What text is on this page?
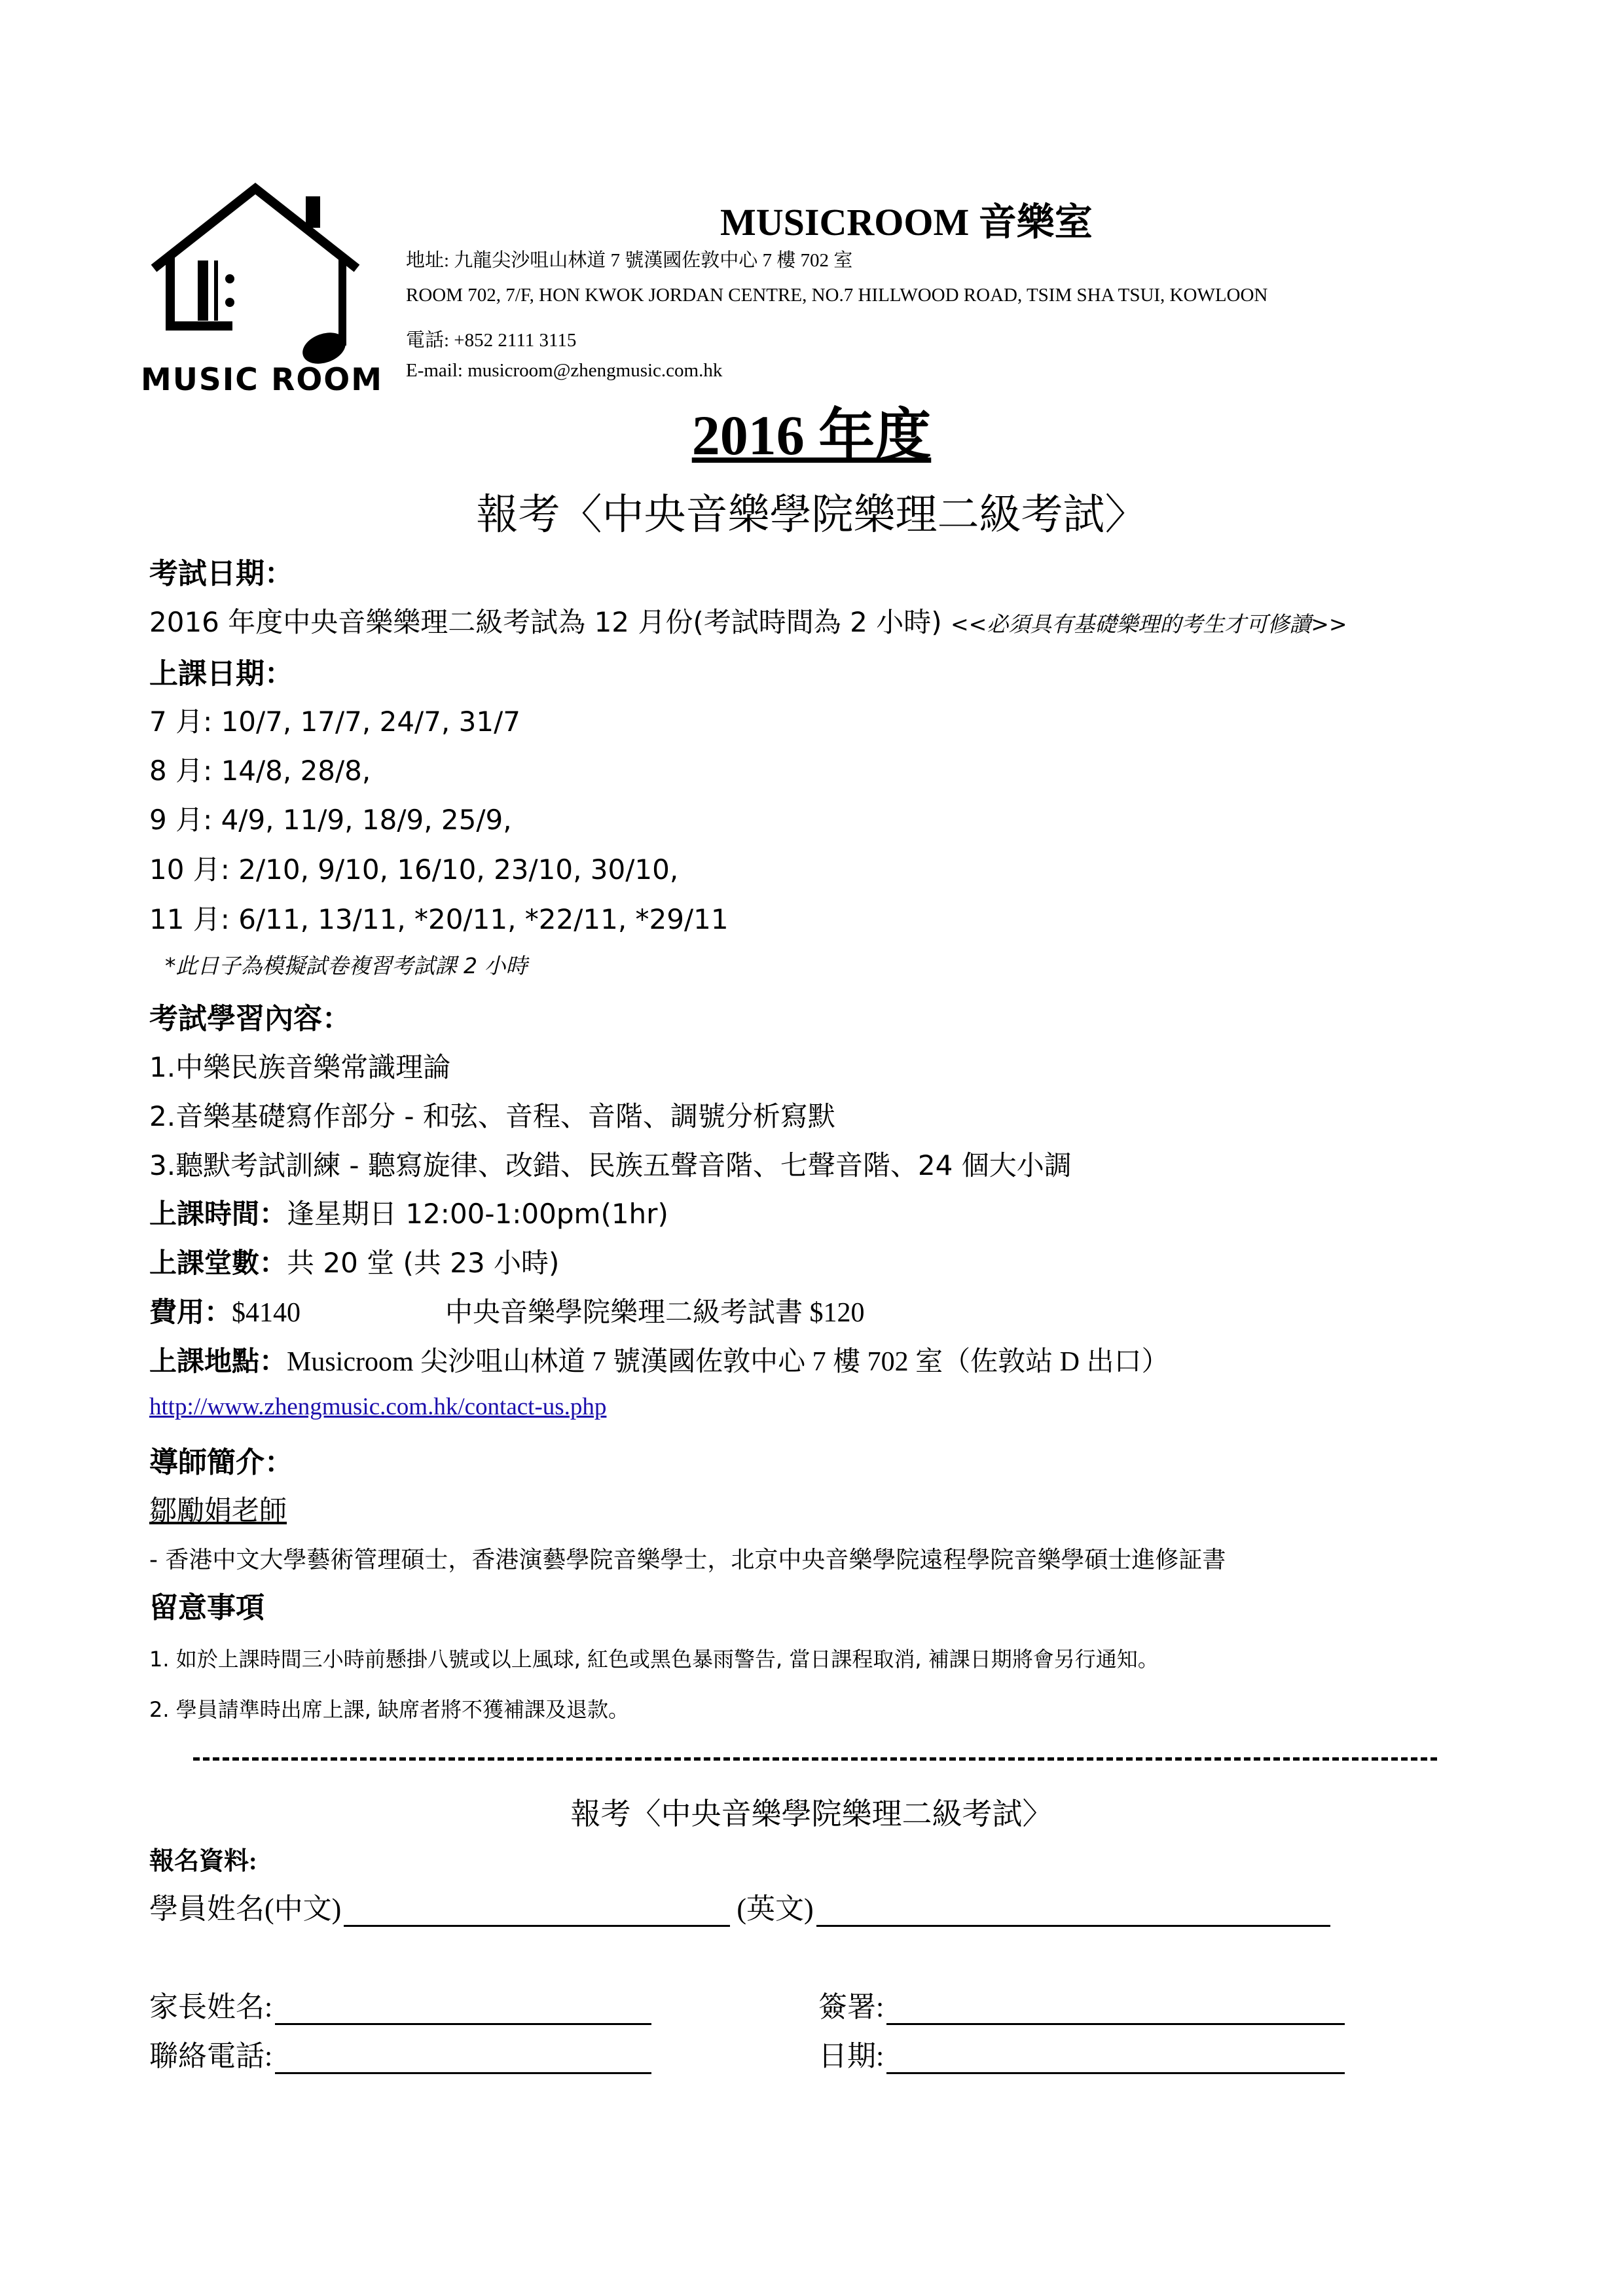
MUSIC ROOM
MUSICROOM 音樂室
地址: 九龍尖沙咀山林道 7 號漢國佐敦中心 7 樓 702 室
ROOM 702, 7/F, HON KWOK JORDAN CENTRE, NO.7 HILLWOOD ROAD, TSIM SHA TSUI, KOWLOON
電話: +852 2111 3115
E-mail: musicroom@zhengmusic.com.hk
2016 年度
報考〈中央音樂學院樂理二級考試〉
考試日期：
2016 年度中央音樂樂理二級考試為 12 月份(考試時間為 2 小時) <<必須具有基礎樂理的考生才可修讀>>
上課日期：
7 月: 10/7, 17/7, 24/7, 31/7
8 月: 14/8, 28/8,
9 月: 4/9, 11/9, 18/9, 25/9,
10 月: 2/10, 9/10, 16/10, 23/10, 30/10,
11 月: 6/11, 13/11, *20/11, *22/11, *29/11
*此日子為模擬試卷複習考試課 2 小時
考試學習內容：
1.中樂民族音樂常識理論
2.音樂基礎寫作部分 - 和弦、音程、音階、調號分析寫默
3.聽默考試訓練 - 聽寫旋律、改錯、民族五聲音階、七聲音階、24 個大小調
上課時間：逢星期日 12:00-1:00pm(1hr)
上課堂數：共 20 堂 (共 23 小時)
費用：$4140	中央音樂學院樂理二級考試書 $120
上課地點：Musicroom 尖沙咀山林道 7 號漢國佐敦中心 7 樓 702 室（佐敦站 D 出口）
http://www.zhengmusic.com.hk/contact-us.php
導師簡介：
鄒勵娟老師
- 香港中文大學藝術管理碩士，香港演藝學院音樂學士，北京中央音樂學院遠程學院音樂學碩士進修証書
留意事項
1. 如於上課時間三小時前懸掛八號或以上風球, 紅色或黑色暴雨警告, 當日課程取消, 補課日期將會另行通知。
2. 學員請準時出席上課, 缺席者將不獲補課及退款。
報考〈中央音樂學院樂理二級考試〉
報名資料:
學員姓名(中文)	(英文)
家長姓名:	簽署:
聯絡電話:	日期:
